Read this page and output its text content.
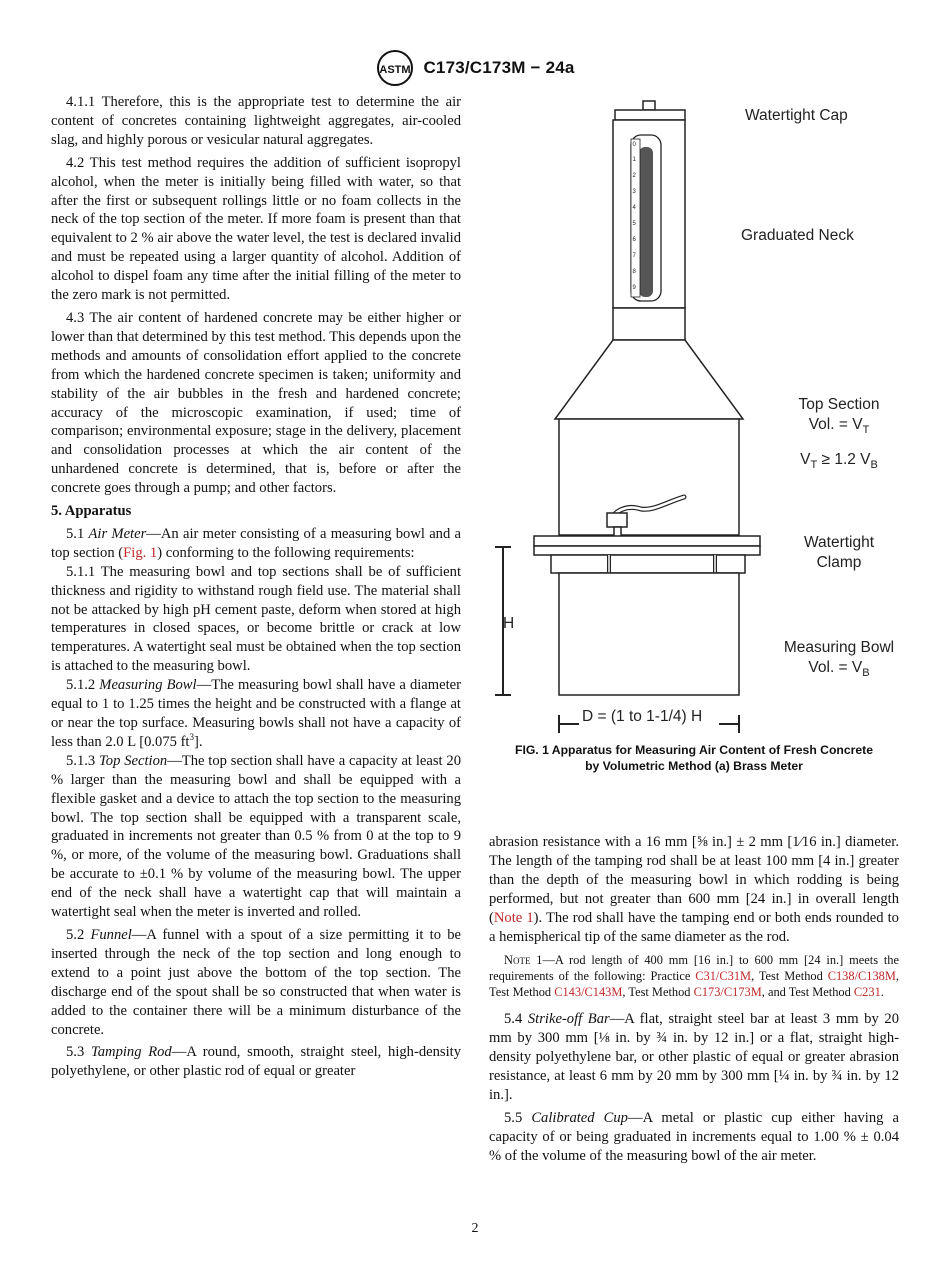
ASTM C173/C173M − 24a

4.1.1 Therefore, this is the appropriate test to determine the air content of concretes containing lightweight aggregates, air-cooled slag, and highly porous or vesicular natural aggregates.

4.2 This test method requires the addition of sufficient isopropyl alcohol, when the meter is initially being filled with water, so that after the first or subsequent rollings little or no foam collects in the neck of the top section of the meter. If more foam is present than that equivalent to 2 % air above the water level, the test is declared invalid and must be repeated using a larger quantity of alcohol. Addition of alcohol to dispel foam any time after the initial filling of the meter to the zero mark is not permitted.

4.3 The air content of hardened concrete may be either higher or lower than that determined by this test method. This depends upon the methods and amounts of consolidation effort applied to the concrete from which the hardened concrete specimen is taken; uniformity and stability of the air bubbles in the fresh and hardened concrete; accuracy of the microscopic examination, if used; time of comparison; environmental exposure; stage in the delivery, placement and consolidation processes at which the air content of the unhardened concrete is determined, that is, before or after the concrete goes through a pump; and other factors.

5. Apparatus

5.1 Air Meter—An air meter consisting of a measuring bowl and a top section (Fig. 1) conforming to the following requirements:

5.1.1 The measuring bowl and top sections shall be of sufficient thickness and rigidity to withstand rough field use. The material shall not be attacked by high pH cement paste, deform when stored at high temperatures in closed spaces, or become brittle or crack at low temperatures. A watertight seal must be obtained when the top section is attached to the measuring bowl.

5.1.2 Measuring Bowl—The measuring bowl shall have a diameter equal to 1 to 1.25 times the height and be constructed with a flange at or near the top surface. Measuring bowls shall not have a capacity of less than 2.0 L [0.075 $ft^3$].

5.1.3 Top Section—The top section shall have a capacity at least 20 % larger than the measuring bowl and shall be equipped with a flexible gasket and a device to attach the top section to the measuring bowl. The top section shall be equipped with a transparent scale, graduated in increments not greater than 0.5 % from 0 at the top to 9 %, or more, of the volume of the measuring bowl. Graduations shall be accurate to ±0.1 % by volume of the measuring bowl. The upper end of the neck shall have a watertight cap that will maintain a watertight seal when the meter is inverted and rolled.

5.2 Funnel—A funnel with a spout of a size permitting it to be inserted through the neck of the top section and long enough to extend to a point just above the bottom of the top section. The discharge end of the spout shall be so constructed that when water is added to the container there will be a minimum disturbance of the concrete.

5.3 Tamping Rod—A round, smooth, straight steel, high-density polyethylene, or other plastic rod of equal or greater

0
1
2
3
4
5
6
7
8
9
H
D = (1 to 1-1/4) H
Watertight Cap
Graduated Neck
Top Section
Vol. = $V_T$
$V_T \ge 1.2$ $V_B$
Watertight
Clamp
Measuring Bowl
Vol. = $V_B$
FIG. 1 Apparatus for Measuring Air Content of Fresh Concrete
by Volumetric Method (a) Brass Meter

abrasion resistance with a 16 mm [⅝ in.] ± 2 mm [1⁄16 in.] diameter. The length of the tamping rod shall be at least 100 mm [4 in.] greater than the depth of the measuring bowl in which rodding is being performed, but not greater than 600 mm [24 in.] in overall length (Note 1). The rod shall have the tamping end or both ends rounded to a hemispherical tip of the same diameter as the rod.

Note 1—A rod length of 400 mm [16 in.] to 600 mm [24 in.] meets the requirements of the following: Practice C31/C31M, Test Method C138/C138M, Test Method C143/C143M, Test Method C173/C173M, and Test Method C231.

5.4 Strike-off Bar—A flat, straight steel bar at least 3 mm by 20 mm by 300 mm [⅛ in. by ¾ in. by 12 in.] or a flat, straight high-density polyethylene bar, or other plastic of equal or greater abrasion resistance, at least 6 mm by 20 mm by 300 mm [¼ in. by ¾ in. by 12 in.].

5.5 Calibrated Cup—A metal or plastic cup either having a capacity of or being graduated in increments equal to 1.00 % ± 0.04 % of the volume of the measuring bowl of the air meter.

2
